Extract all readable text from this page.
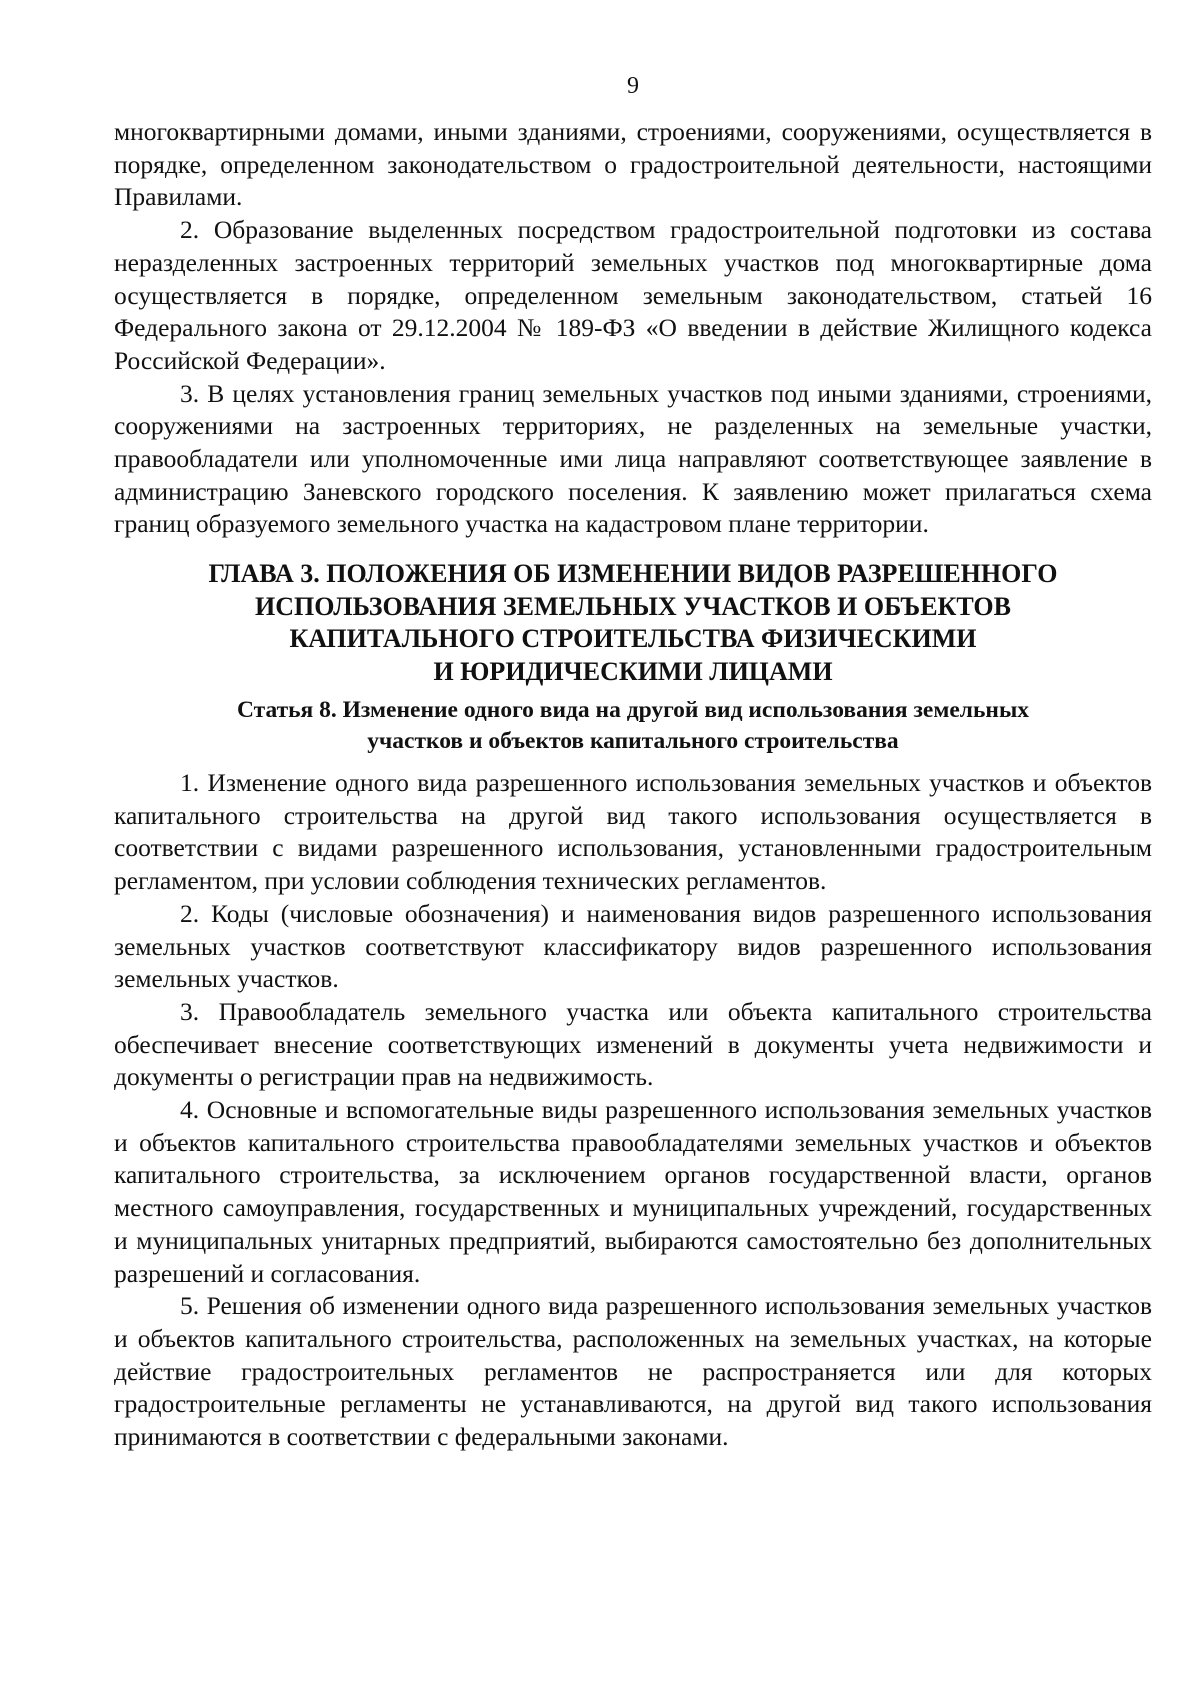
9

многоквартирными домами, иными зданиями, строениями, сооружениями, осуществляется в порядке, определенном законодательством о градостроительной деятельности, настоящими Правилами.

2. Образование выделенных посредством градостроительной подготовки из состава неразделенных застроенных территорий земельных участков под многоквартирные дома осуществляется в порядке, определенном земельным законодательством, статьей 16 Федерального закона от 29.12.2004 № 189-ФЗ «О введении в действие Жилищного кодекса Российской Федерации».

3. В целях установления границ земельных участков под иными зданиями, строениями, сооружениями на застроенных территориях, не разделенных на земельные участки, правообладатели или уполномоченные ими лица направляют соответствующее заявление в администрацию Заневского городского поселения. К заявлению может прилагаться схема границ образуемого земельного участка на кадастровом плане территории.

ГЛАВА 3. ПОЛОЖЕНИЯ ОБ ИЗМЕНЕНИИ ВИДОВ РАЗРЕШЕННОГО
ИСПОЛЬЗОВАНИЯ ЗЕМЕЛЬНЫХ УЧАСТКОВ И ОБЪЕКТОВ
КАПИТАЛЬНОГО СТРОИТЕЛЬСТВА ФИЗИЧЕСКИМИ
И ЮРИДИЧЕСКИМИ ЛИЦАМИ
Статья 8. Изменение одного вида на другой вид использования земельных
участков и объектов капитального строительства

1. Изменение одного вида разрешенного использования земельных участков и объектов капитального строительства на другой вид такого использования осуществляется в соответствии с видами разрешенного использования, установленными градостроительным регламентом, при условии соблюдения технических регламентов.

2. Коды (числовые обозначения) и наименования видов разрешенного использования земельных участков соответствуют классификатору видов разрешенного использования земельных участков.

3. Правообладатель земельного участка или объекта капитального строительства обеспечивает внесение соответствующих изменений в документы учета недвижимости и документы о регистрации прав на недвижимость.

4. Основные и вспомогательные виды разрешенного использования земельных участков и объектов капитального строительства правообладателями земельных участков и объектов капитального строительства, за исключением органов государственной власти, органов местного самоуправления, государственных и муниципальных учреждений, государственных и муниципальных унитарных предприятий, выбираются самостоятельно без дополнительных разрешений и согласования.

5. Решения об изменении одного вида разрешенного использования земельных участков и объектов капитального строительства, расположенных на земельных участках, на которые действие градостроительных регламентов не распространяется или для которых градостроительные регламенты не устанавливаются, на другой вид такого использования принимаются в соответствии с федеральными законами.
